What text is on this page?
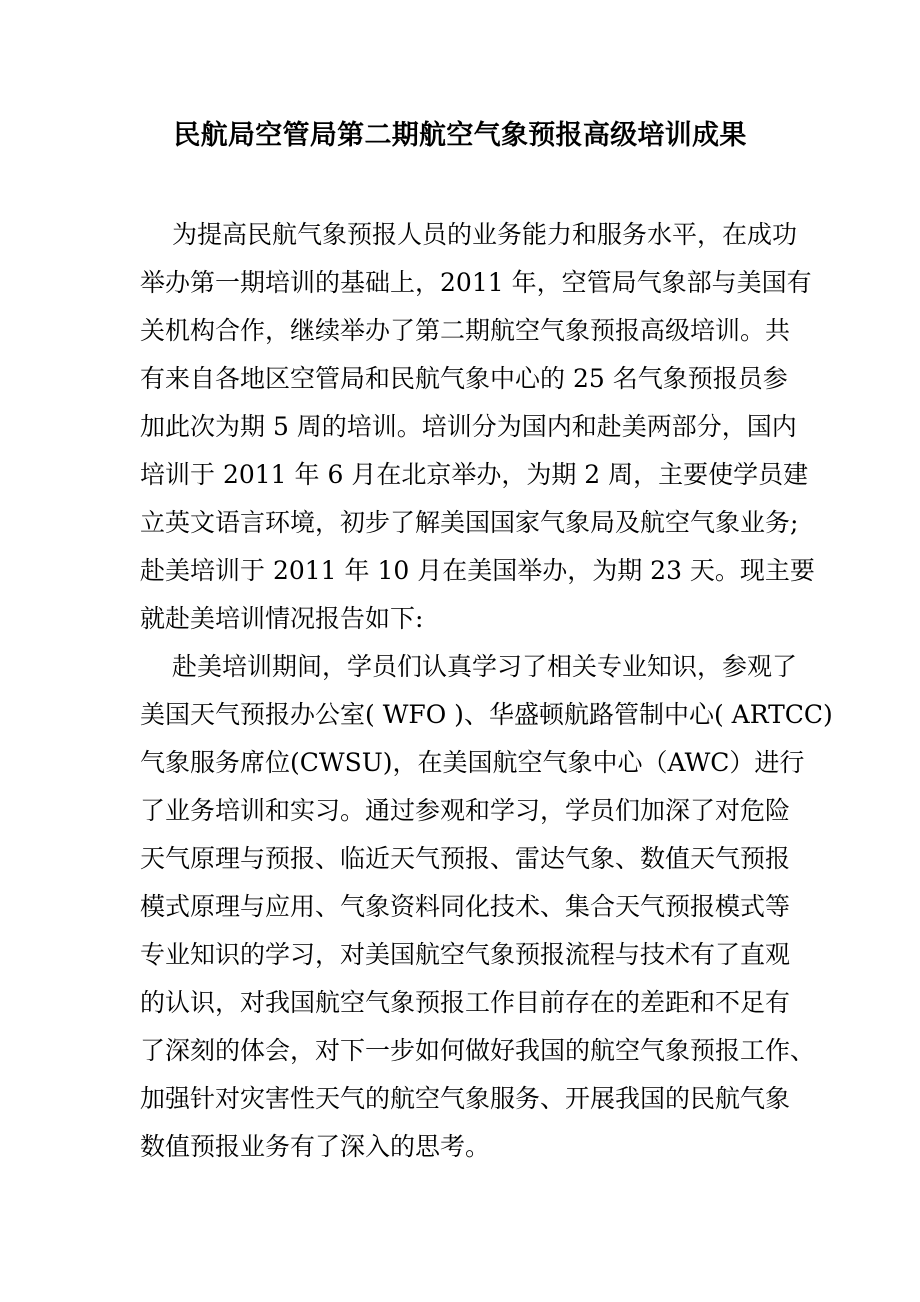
民航局空管局第二期航空气象预报高级培训成果
为提高民航气象预报人员的业务能力和服务水平，在成功
举办第一期培训的基础上，2011 年，空管局气象部与美国有
关机构合作，继续举办了第二期航空气象预报高级培训。共
有来自各地区空管局和民航气象中心的 25 名气象预报员参
加此次为期 5 周的培训。培训分为国内和赴美两部分，国内
培训于 2011 年 6 月在北京举办，为期 2 周，主要使学员建
立英文语言环境，初步了解美国国家气象局及航空气象业务;
赴美培训于 2011 年 10 月在美国举办，为期 23 天。现主要
就赴美培训情况报告如下:
赴美培训期间，学员们认真学习了相关专业知识，参观了
美国天气预报办公室( WFO )、华盛顿航路管制中心( ARTCC)
气象服务席位(CWSU)，在美国航空气象中心（AWC）进行
了业务培训和实习。通过参观和学习，学员们加深了对危险
天气原理与预报、临近天气预报、雷达气象、数值天气预报
模式原理与应用、气象资料同化技术、集合天气预报模式等
专业知识的学习，对美国航空气象预报流程与技术有了直观
的认识，对我国航空气象预报工作目前存在的差距和不足有
了深刻的体会，对下一步如何做好我国的航空气象预报工作、
加强针对灾害性天气的航空气象服务、开展我国的民航气象
数值预报业务有了深入的思考。
